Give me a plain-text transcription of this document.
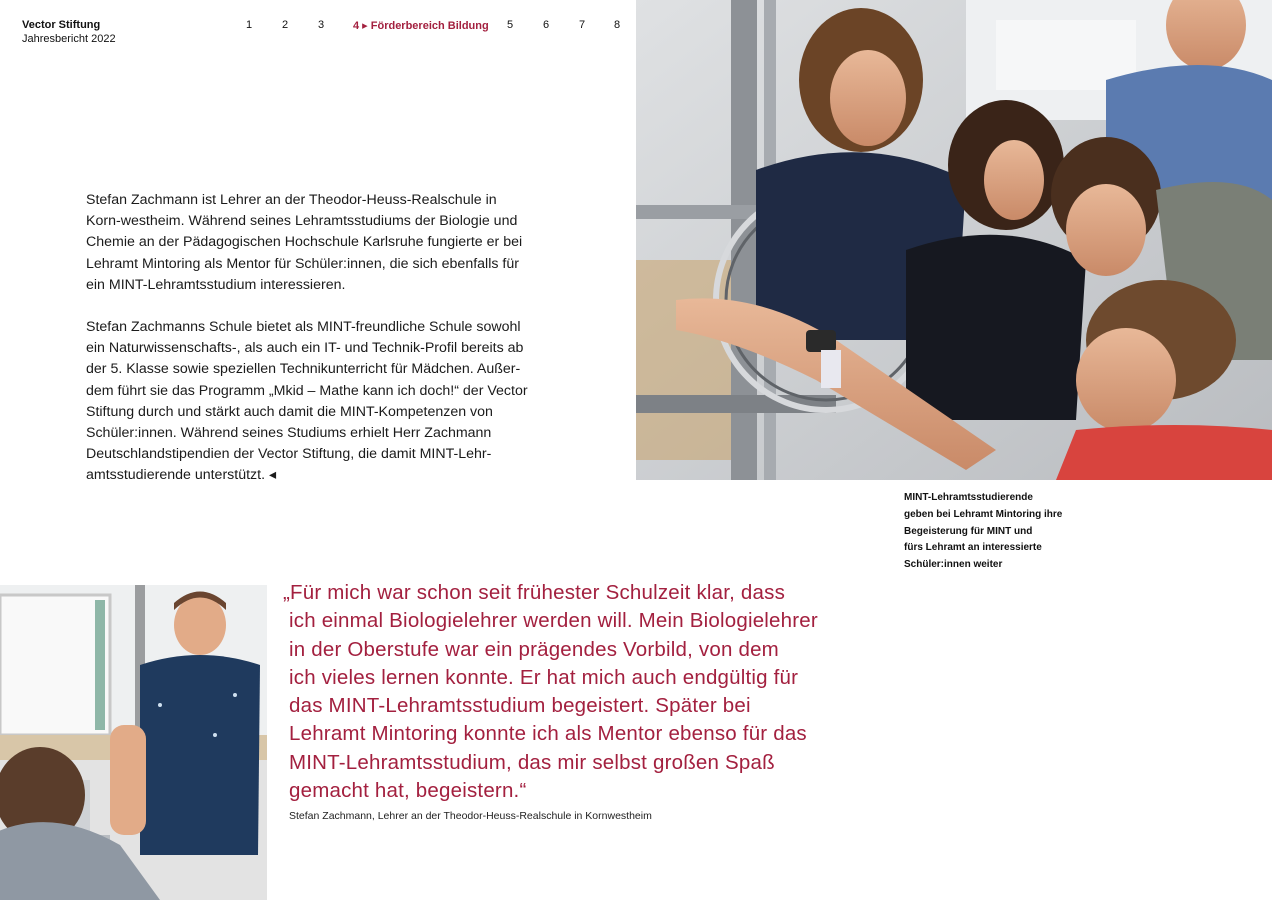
Vector Stiftung
Jahresbericht 2022
1	2	3	4 ▸ Förderbereich Bildung 5	6	7	8

Stefan Zachmann ist Lehrer an der Theodor-Heuss-Realschule in Korn-westheim. Während seines Lehramtsstudiums der Biologie und Chemie an der Pädagogischen Hochschule Karlsruhe fungierte er bei Lehramt Mintoring als Mentor für Schüler:innen, die sich ebenfalls für ein MINT-Lehramtsstudium interessieren.

Stefan Zachmanns Schule bietet als MINT-freundliche Schule sowohl ein Naturwissenschafts-, als auch ein IT- und Technik-Profil bereits ab der 5. Klasse sowie speziellen Technikunterricht für Mädchen. Außer-dem führt sie das Programm „Mkid – Mathe kann ich doch!“ der Vector Stiftung durch und stärkt auch damit die MINT-Kompetenzen von Schüler:innen. Während seines Studiums erhielt Herr Zachmann Deutschlandstipendien der Vector Stiftung, die damit MINT-Lehr-amtsstudierende unterstützt. ◂

MINT-Lehramtsstudierende
geben bei Lehramt Mintoring ihre
Begeisterung für MINT und
fürs Lehramt an interessierte
Schüler:innen weiter
„Für mich war schon seit frühester Schulzeit klar, dass
ich einmal Biologielehrer werden will. Mein Biologielehrer
in der Oberstufe war ein prägendes Vorbild, von dem
ich vieles lernen konnte. Er hat mich auch endgültig für
das MINT-Lehramtsstudium begeistert. Später bei
Lehramt Mintoring konnte ich als Mentor ebenso für das
MINT-Lehramtsstudium, das mir selbst großen Spaß
gemacht hat, begeistern.“
Stefan Zachmann, Lehrer an der Theodor-Heuss-Realschule in Kornwestheim
